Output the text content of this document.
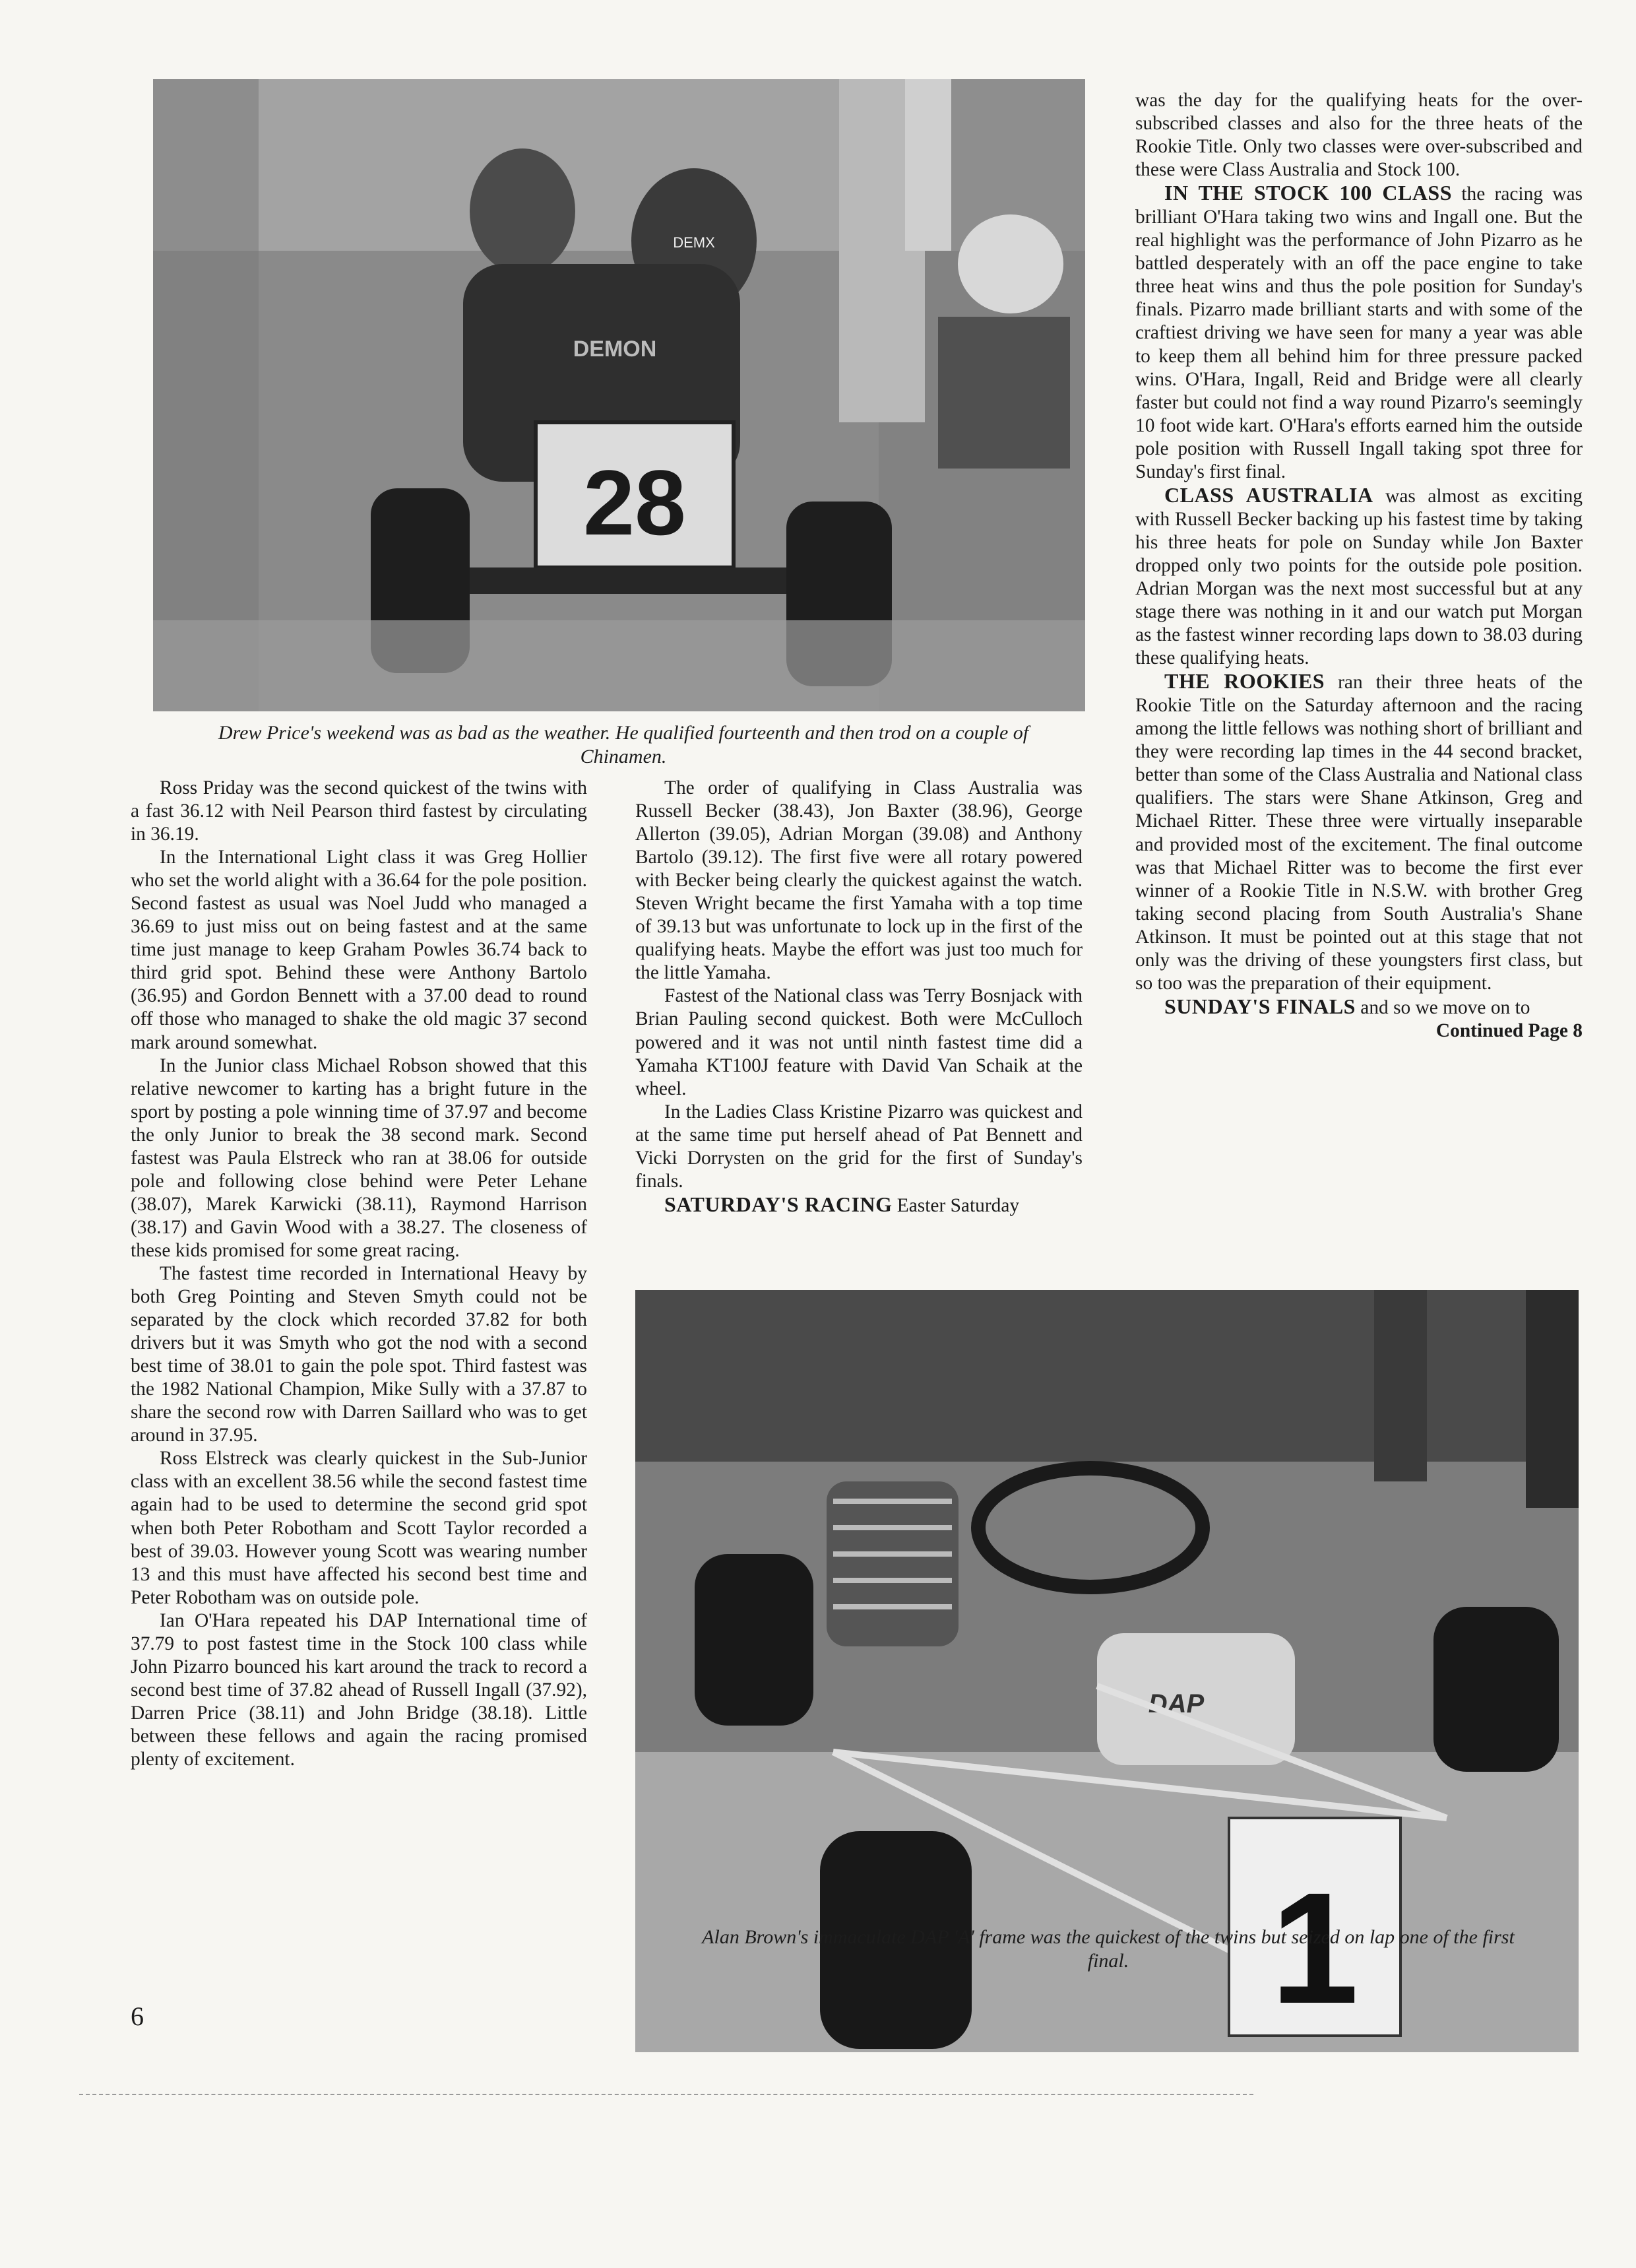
28
DEMX
DEMON
Drew Price's weekend was as bad as the weather. He qualified fourteenth and then trod on a couple of Chinamen.

Ross Priday was the second quickest of the twins with a fast 36.12 with Neil Pearson third fastest by circulating in 36.19.

In the International Light class it was Greg Hollier who set the world alight with a 36.64 for the pole position. Second fastest as usual was Noel Judd who managed a 36.69 to just miss out on being fastest and at the same time just manage to keep Graham Powles 36.74 back to third grid spot. Behind these were Anthony Bartolo (36.95) and Gordon Bennett with a 37.00 dead to round off those who managed to shake the old magic 37 second mark around somewhat.

In the Junior class Michael Robson showed that this relative newcomer to karting has a bright future in the sport by posting a pole winning time of 37.97 and become the only Junior to break the 38 second mark. Second fastest was Paula Elstreck who ran at 38.06 for outside pole and following close behind were Peter Lehane (38.07), Marek Karwicki (38.11), Raymond Harrison (38.17) and Gavin Wood with a 38.27. The closeness of these kids promised for some great racing.

The fastest time recorded in International Heavy by both Greg Pointing and Steven Smyth could not be separated by the clock which recorded 37.82 for both drivers but it was Smyth who got the nod with a second best time of 38.01 to gain the pole spot. Third fastest was the 1982 National Champion, Mike Sully with a 37.87 to share the second row with Darren Saillard who was to get around in 37.95.

Ross Elstreck was clearly quickest in the Sub-Junior class with an excellent 38.56 while the second fastest time again had to be used to determine the second grid spot when both Peter Robotham and Scott Taylor recorded a best of 39.03. However young Scott was wearing number 13 and this must have affected his second best time and Peter Robotham was on outside pole.

Ian O'Hara repeated his DAP International time of 37.79 to post fastest time in the Stock 100 class while John Pizarro bounced his kart around the track to record a second best time of 37.82 ahead of Russell Ingall (37.92), Darren Price (38.11) and John Bridge (38.18). Little between these fellows and again the racing promised plenty of excitement.

The order of qualifying in Class Australia was Russell Becker (38.43), Jon Baxter (38.96), George Allerton (39.05), Adrian Morgan (39.08) and Anthony Bartolo (39.12). The first five were all rotary powered with Becker being clearly the quickest against the watch. Steven Wright became the first Yamaha with a top time of 39.13 but was unfortunate to lock up in the first of the qualifying heats. Maybe the effort was just too much for the little Yamaha.

Fastest of the National class was Terry Bosnjack with Brian Pauling second quickest. Both were McCulloch powered and it was not until ninth fastest time did a Yamaha KT100J feature with David Van Schaik at the wheel.

In the Ladies Class Kristine Pizarro was quickest and at the same time put herself ahead of Pat Bennett and Vicki Dorrysten on the grid for the first of Sunday's finals.

SATURDAY'S RACING Easter Saturday

was the day for the qualifying heats for the over-subscribed classes and also for the three heats of the Rookie Title. Only two classes were over-subscribed and these were Class Australia and Stock 100.

IN THE STOCK 100 CLASS the racing was brilliant O'Hara taking two wins and Ingall one. But the real highlight was the performance of John Pizarro as he battled desperately with an off the pace engine to take three heat wins and thus the pole position for Sunday's finals. Pizarro made brilliant starts and with some of the craftiest driving we have seen for many a year was able to keep them all behind him for three pressure packed wins. O'Hara, Ingall, Reid and Bridge were all clearly faster but could not find a way round Pizarro's seemingly 10 foot wide kart. O'Hara's efforts earned him the outside pole position with Russell Ingall taking spot three for Sunday's first final.

CLASS AUSTRALIA was almost as exciting with Russell Becker backing up his fastest time by taking his three heats for pole on Sunday while Jon Baxter dropped only two points for the outside pole position. Adrian Morgan was the next most successful but at any stage there was nothing in it and our watch put Morgan as the fastest winner recording laps down to 38.03 during these qualifying heats.

THE ROOKIES ran their three heats of the Rookie Title on the Saturday afternoon and the racing among the little fellows was nothing short of brilliant and they were recording lap times in the 44 second bracket, better than some of the Class Australia and National class qualifiers. The stars were Shane Atkinson, Greg and Michael Ritter. These three were virtually inseparable and provided most of the excitement. The final outcome was that Michael Ritter was to become the first ever winner of a Rookie Title in N.S.W. with brother Greg taking second placing from South Australia's Shane Atkinson. It must be pointed out at this stage that not only was the driving of these youngsters first class, but so too was the preparation of their equipment.

SUNDAY'S FINALS and so we move on to

Continued Page 8

DAP
1
Alan Brown's immaculate DAP 'A' frame was the quickest of the twins but seized on lap one of the first final.
6
